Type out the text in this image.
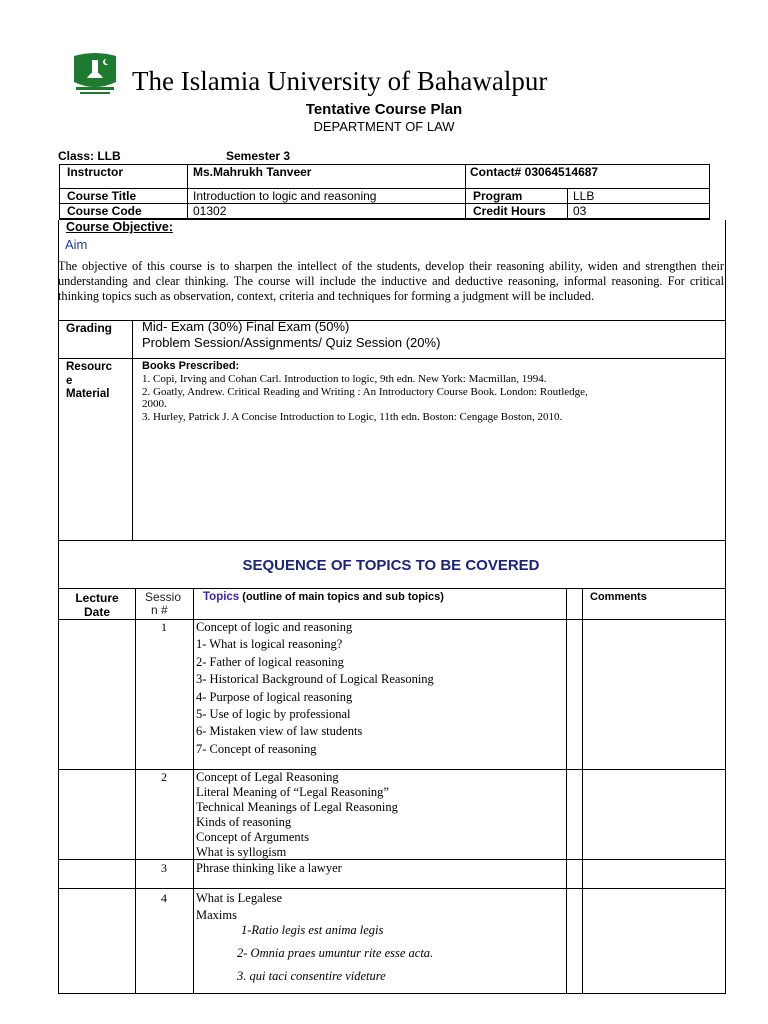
The Islamia University of Bahawalpur
Tentative Course Plan
DEPARTMENT OF LAW
Class: LLB	Semester 3
Instructor	Ms.Mahrukh Tanveer	Contact# 03064514687
Course Title	Introduction to logic and reasoning	Program	LLB
Course Code	01302	Credit Hours 03
Course Objective:
Aim
The objective of this course is to sharpen the intellect of the students, develop their reasoning ability, widen and strengthen their understanding and clear thinking. The course will include the inductive and deductive reasoning, informal reasoning. For critical thinking topics such as observation, context, criteria and techniques for forming a judgment will be included.
Grading Mid- Exam (30%) Final Exam (50%)
Problem Session/Assignments/ Quiz Session (20%)
Resourc
e
Material
Books Prescribed:
1. Copi, Irving and Cohan Carl. Introduction to logic, 9th edn. New York: Macmillan, 1994.
2. Goatly, Andrew. Critical Reading and Writing : An Introductory Course Book. London: Routledge,
2000.
3. Hurley, Patrick J. A Concise Introduction to Logic, 11th edn. Boston: Cengage Boston, 2010.
SEQUENCE OF TOPICS TO BE COVERED
Lecture
Date
Sessio
n #
Topics (outline of main topics and sub topics)	Comments
1	Concept of logic and reasoning
1- What is logical reasoning?
2- Father of logical reasoning
3- Historical Background of Logical Reasoning
4- Purpose of logical reasoning
5- Use of logic by professional
6- Mistaken view of law students
7- Concept of reasoning
2	Concept of Legal Reasoning
Literal Meaning of “Legal Reasoning”
Technical Meanings of Legal Reasoning
Kinds of reasoning
Concept of Arguments
What is syllogism
3	Phrase thinking like a lawyer
4	What is Legalese
Maxims
1-Ratio legis est anima legis
2- Omnia praes umuntur rite esse acta.
3. qui taci consentire videture
